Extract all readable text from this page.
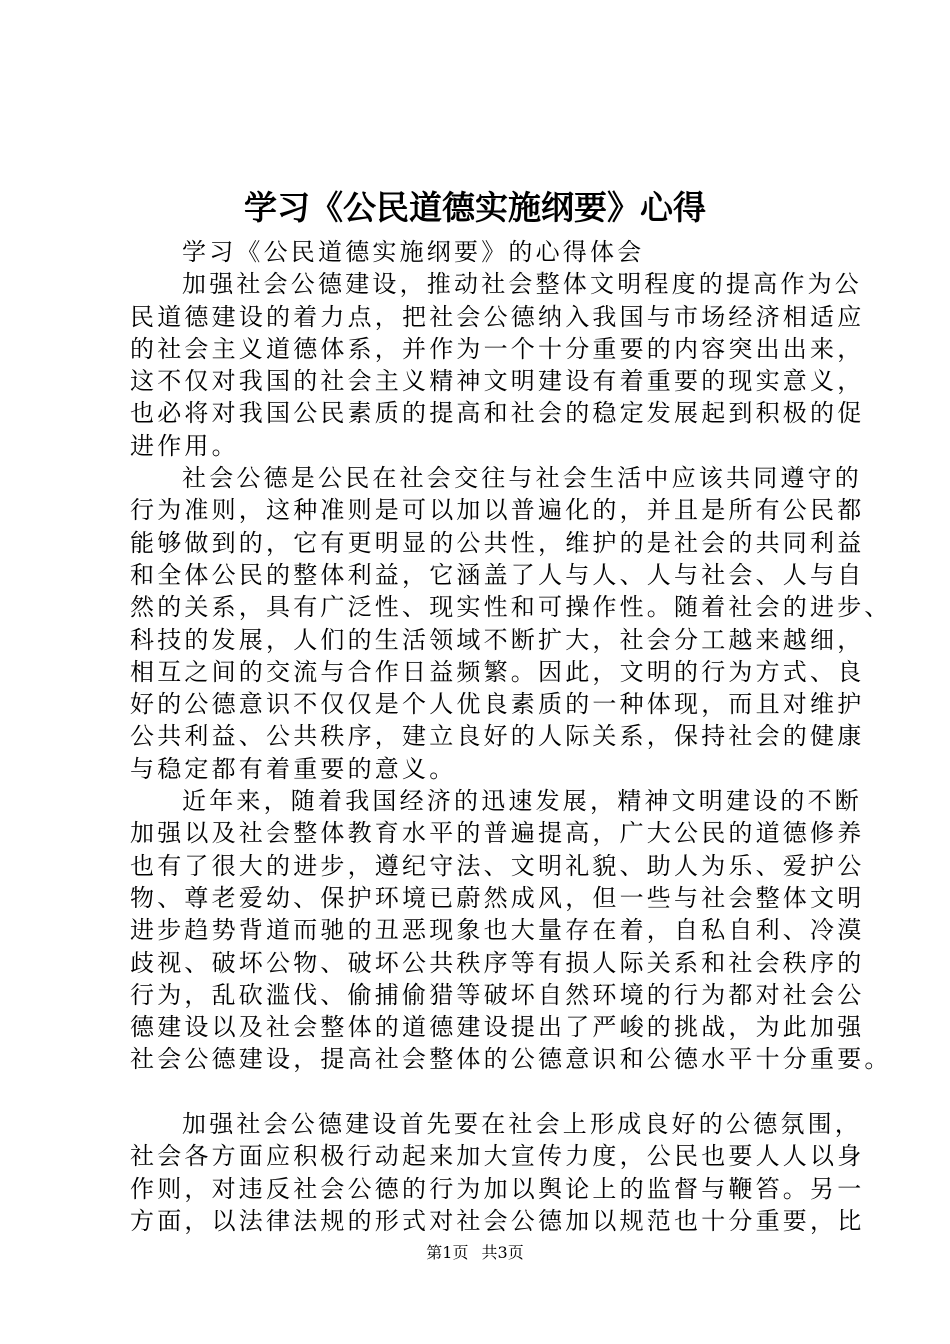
学习《公民道德实施纲要》心得
学习《公民道德实施纲要》的心得体会
加强社会公德建设，推动社会整体文明程度的提高作为公
民道德建设的着力点，把社会公德纳入我国与市场经济相适应
的社会主义道德体系，并作为一个十分重要的内容突出出来，
这不仅对我国的社会主义精神文明建设有着重要的现实意义，
也必将对我国公民素质的提高和社会的稳定发展起到积极的促
进作用。
社会公德是公民在社会交往与社会生活中应该共同遵守的
行为准则，这种准则是可以加以普遍化的，并且是所有公民都
能够做到的，它有更明显的公共性，维护的是社会的共同利益
和全体公民的整体利益，它涵盖了人与人、人与社会、人与自
然的关系，具有广泛性、现实性和可操作性。随着社会的进步、
科技的发展，人们的生活领域不断扩大，社会分工越来越细，
相互之间的交流与合作日益频繁。因此，文明的行为方式、良
好的公德意识不仅仅是个人优良素质的一种体现，而且对维护
公共利益、公共秩序，建立良好的人际关系，保持社会的健康
与稳定都有着重要的意义。
近年来，随着我国经济的迅速发展，精神文明建设的不断
加强以及社会整体教育水平的普遍提高，广大公民的道德修养
也有了很大的进步，遵纪守法、文明礼貌、助人为乐、爱护公
物、尊老爱幼、保护环境已蔚然成风，但一些与社会整体文明
进步趋势背道而驰的丑恶现象也大量存在着，自私自利、冷漠
歧视、破坏公物、破坏公共秩序等有损人际关系和社会秩序的
行为，乱砍滥伐、偷捕偷猎等破坏自然环境的行为都对社会公
德建设以及社会整体的道德建设提出了严峻的挑战，为此加强
社会公德建设，提高社会整体的公德意识和公德水平十分重要。
加强社会公德建设首先要在社会上形成良好的公德氛围，
社会各方面应积极行动起来加大宣传力度，公民也要人人以身
作则，对违反社会公德的行为加以舆论上的监督与鞭笞。另一
方面，以法律法规的形式对社会公德加以规范也十分重要，比
第1页 共3页
